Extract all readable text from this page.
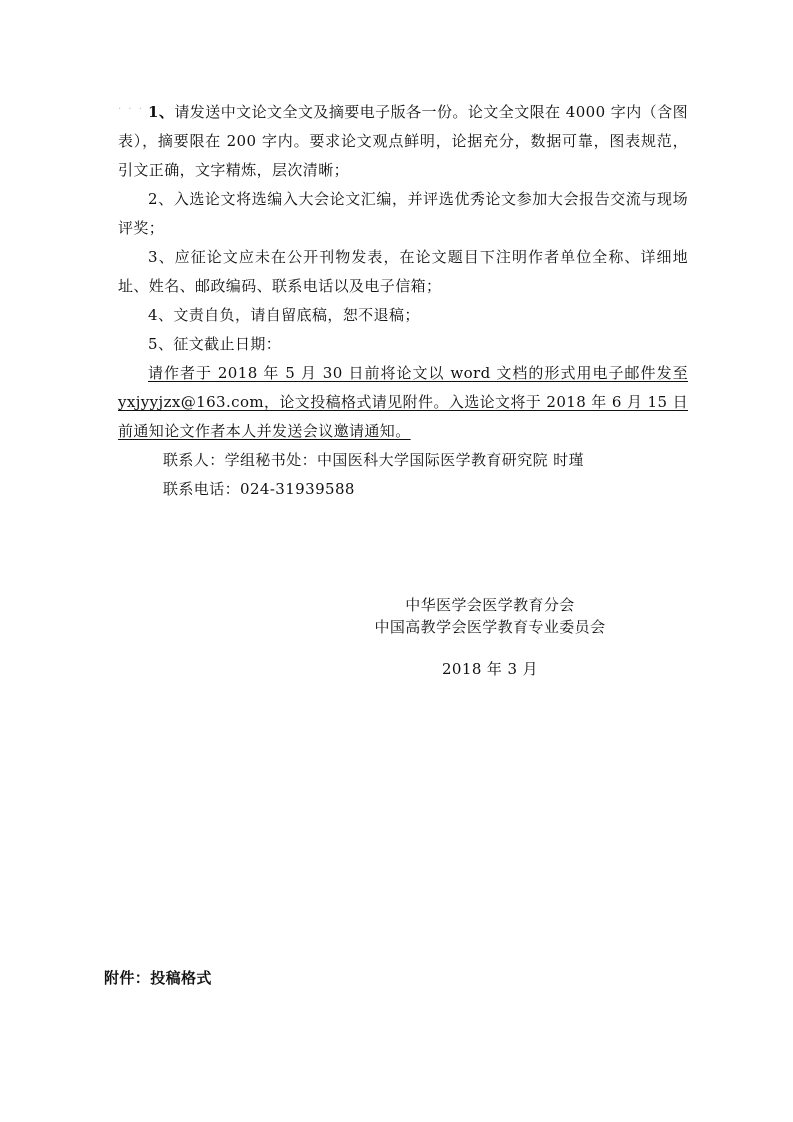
. . . 1、请发送中文论文全文及摘要电子版各一份。论文全文限在 4000 字内（含图表），摘要限在 200 字内。要求论文观点鲜明，论据充分，数据可靠，图表规范，引文正确，文字精炼，层次清晰；

2、入选论文将选编入大会论文汇编，并评选优秀论文参加大会报告交流与现场评奖；

3、应征论文应未在公开刊物发表，在论文题目下注明作者单位全称、详细地址、姓名、邮政编码、联系电话以及电子信箱；

4、文责自负，请自留底稿，恕不退稿；

5、征文截止日期：

请作者于 2018 年 5 月 30 日前将论文以 word 文档的形式用电子邮件发至 yxjyyjzx@163.com，论文投稿格式请见附件。入选论文将于 2018 年 6 月 15 日前通知论文作者本人并发送会议邀请通知。

联系人：学组秘书处：中国医科大学国际医学教育研究院 时瑾

联系电话：024-31939588

中华医学会医学教育分会
中国高教学会医学教育专业委员会
2018 年 3 月
附件：投稿格式
